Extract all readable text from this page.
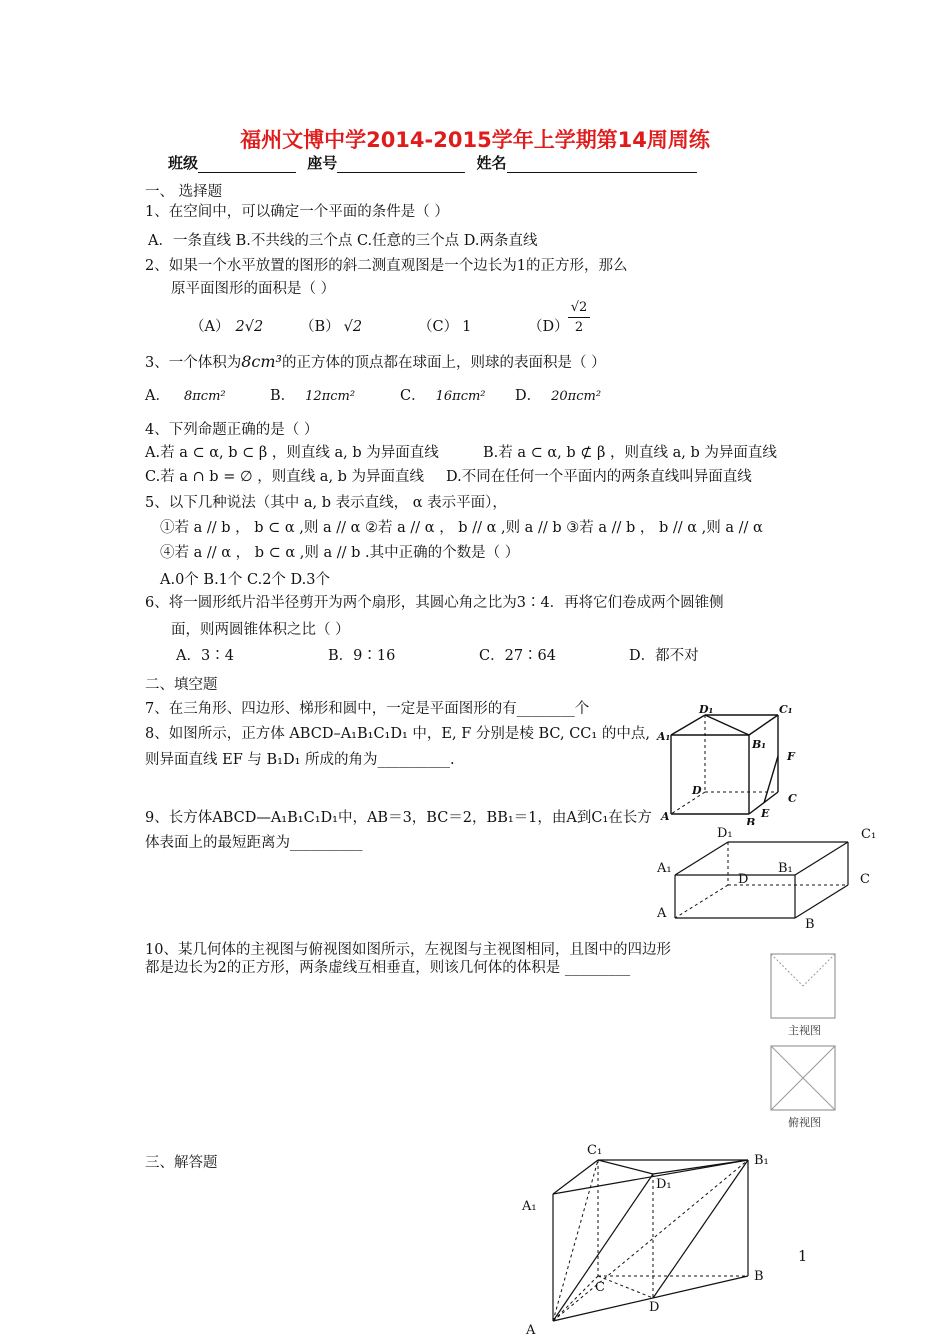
福州文博中学2014-2015学年上学期第14周周练
班级	座号	姓名
一、 选择题
1、在空间中，可以确定一个平面的条件是（ ）
A．一条直线 B.不共线的三个点 C.任意的三个点 D.两条直线
2、如果一个水平放置的图形的斜二测直观图是一个边长为1的正方形，那么
原平面图形的面积是（ ）
（A） 2√2	（B） √2	（C） 1	（D）
√2
2
3、一个体积为8cm³的正方体的顶点都在球面上，则球的表面积是（ ）
A． 8πcm²	B． 12πcm²	C． 16πcm² D． 20πcm²
4、下列命题正确的是（ ）
A.若 a ⊂ α, b ⊂ β ，则直线 a, b 为异面直线	B.若 a ⊂ α, b ⊄ β ，则直线 a, b 为异面直线
C.若 a ∩ b = ∅ ，则直线 a, b 为异面直线 D.不同在任何一个平面内的两条直线叫异面直线
5、以下几种说法（其中 a, b 表示直线， α 表示平面），
①若 a // b ， b ⊂ α ,则 a // α ②若 a // α ， b // α ,则 a // b ③若 a // b ， b // α ,则 a // α
④若 a // α ， b ⊂ α ,则 a // b .其中正确的个数是（ ）
A.0个 B.1个 C.2个 D.3个
6、将一圆形纸片沿半径剪开为两个扇形，其圆心角之比为3∶4．再将它们卷成两个圆锥侧
面，则两圆锥体积之比（ ）
A．3∶4	B．9∶16	C．27∶64	D．都不对
二、填空题
7、在三角形、四边形、梯形和圆中，一定是平面图形的有________个
8、如图所示，正方体 ABCD–A₁B₁C₁D₁ 中，E, F 分别是棱 BC, CC₁ 的中点,
则异面直线 EF 与 B₁D₁ 所成的角为__________.
9、长方体ABCD—A₁B₁C₁D₁中，AB＝3，BC＝2，BB₁＝1，由A到C₁在长方
体表面上的最短距离为__________
10、某几何体的主视图与俯视图如图所示，左视图与主视图相同，且图中的四边形
都是边长为2的正方形，两条虚线互相垂直，则该几何体的体积是 _________
三、解答题
D₁	C₁
A₁
B₁
F
D
C
A	B
E
D₁	C₁
A₁	B₁
D	C
A
B
主视图
俯视图
C₁
B₁
D₁
A₁
C
B
D
A
1
